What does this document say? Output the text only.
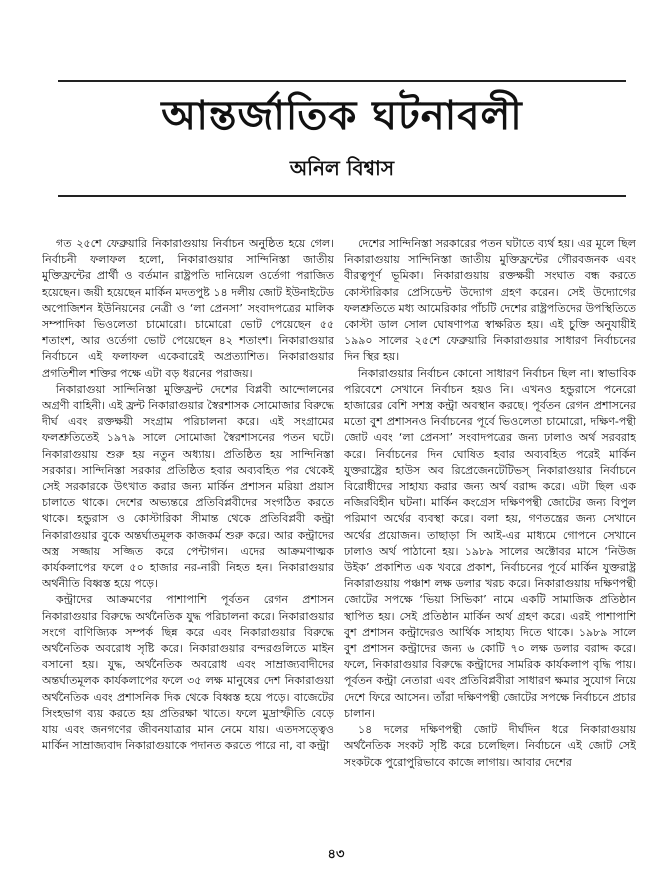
আন্তর্জাতিক ঘটনাবলী
অনিল বিশ্বাস

গত ২৫শে ফেব্রুয়ারি নিকারাগুয়ায় নির্বাচন অনুষ্ঠিত হয়ে গেল। নির্বাচনী ফলাফল হলো, নিকারাগুয়ার সান্দিনিস্তা জাতীয় মুক্তিফ্রন্টের প্রার্থী ও বর্তমান রাষ্ট্রপতি দানিয়েল ওর্তেগা পরাজিত হয়েছেন। জয়ী হয়েছেন মার্কিন মদতপুষ্ট ১৪ দলীয় জোট ইউনাইটেড অপোজিশন ইউনিয়নের নেত্রী ও ‘লা প্রেনসা’ সংবাদপত্রের মালিক সম্পাদিকা ভিওলেতা চামোরো। চামোরো ভোট পেয়েছেন ৫৫ শতাংশ, আর ওর্তেগা ভোট পেয়েছেন ৪২ শতাংশ। নিকারাগুয়ার নির্বাচনে এই ফলাফল একেবারেই অপ্রত্যাশিত। নিকারাগুয়ার প্রগতিশীল শক্তির পক্ষে এটা বড় ধরনের পরাজয়।

নিকারাগুয়া সান্দিনিস্তা মুক্তিফ্রন্ট দেশের বিপ্লবী আন্দোলনের অগ্রণী বাহিনী। এই ফ্রন্ট নিকারাগুয়ার স্বৈরশাসক সোমোজার বিরুদ্ধে দীর্ঘ এবং রক্তক্ষয়ী সংগ্রাম পরিচালনা করে। এই সংগ্রামের ফলশ্রুতিতেই ১৯৭৯ সালে সোমোজা স্বৈরশাসনের পতন ঘটে। নিকারাগুয়ায় শুরু হয় নতুন অধ্যায়। প্রতিষ্ঠিত হয় সান্দিনিস্তা সরকার। সান্দিনিস্তা সরকার প্রতিষ্ঠিত হবার অব্যবহিত পর থেকেই সেই সরকারকে উৎখাত করার জন্য মার্কিন প্রশাসন মরিয়া প্রয়াস চালাতে থাকে। দেশের অভ্যন্তরে প্রতিবিপ্লবীদের সংগঠিত করতে থাকে। হন্ডুরাস ও কোস্টারিকা সীমান্ত থেকে প্রতিবিপ্লবী কন্ট্রা নিকারাগুয়ার বুকে অন্তর্ঘাতমূলক কাজকর্ম শুরু করে। আর কন্ট্রাদের অস্ত্র সজ্জায় সজ্জিত করে পেন্টাগন। এদের আক্রমণাত্মক কার্যকলাপের ফলে ৫০ হাজার নর-নারী নিহত হন। নিকারাগুয়ার অর্থনীতি বিধ্বস্ত হয়ে পড়ে।

কন্ট্রাদের আক্রমণের পাশাপাশি পূর্বতন রেগন প্রশাসন নিকারাগুয়ার বিরুদ্ধে অর্থনৈতিক যুদ্ধ পরিচালনা করে। নিকারাগুয়ার সংগে বাণিজ্যিক সম্পর্ক ছিন্ন করে এবং নিকারাগুয়ার বিরুদ্ধে অর্থনৈতিক অবরোধ সৃষ্টি করে। নিকারাগুয়ার বন্দরগুলিতে মাইন বসানো হয়। যুদ্ধ, অর্থনৈতিক অবরোধ এবং সাম্রাজ্যবাদীদের অন্তর্ঘাতমূলক কার্যকলাপের ফলে ৩৫ লক্ষ মানুষের দেশ নিকারাগুয়া অর্থনৈতিক এবং প্রশাসনিক দিক থেকে বিধ্বস্ত হয়ে পড়ে। বাজেটের সিংহভাগ ব্যয় করতে হয় প্রতিরক্ষা খাতে। ফলে মুদ্রাস্ফীতি বেড়ে যায় এবং জনগণের জীবনযাত্রার মান নেমে যায়। এতদসত্ত্বেও মার্কিন সাম্রাজ্যবাদ নিকারাগুয়াকে পদানত করতে পারে না, বা কন্ট্রা

দেশের সান্দিনিস্তা সরকারের পতন ঘটাতে ব্যর্থ হয়। এর মূলে ছিল নিকারাগুয়ায় সান্দিনিস্তা জাতীয় মুক্তিফ্রন্টের গৌরবজনক এবং বীরত্বপূর্ণ ভূমিকা। নিকারাগুয়ায় রক্তক্ষয়ী সংঘাত বন্ধ করতে কোস্টারিকার প্রেসিডেন্ট উদ্যোগ গ্রহণ করেন। সেই উদ্যোগের ফলশ্রুতিতে মধ্য আমেরিকার পাঁচটি দেশের রাষ্ট্রপতিদের উপস্থিতিতে কোস্টা ডাল সোল ঘোষণাপত্র স্বাক্ষরিত হয়। এই চুক্তি অনুযায়ীই ১৯৯০ সালের ২৫শে ফেব্রুয়ারি নিকারাগুয়ার সাধারণ নির্বাচনের দিন স্থির হয়।

নিকারাগুয়ার নির্বাচন কোনো সাধারণ নির্বাচন ছিল না। স্বাভাবিক পরিবেশে সেখানে নির্বাচন হয়ও নি। এখনও হন্ডুরাসে পনেরো হাজারের বেশি সশস্ত্র কন্ট্রা অবস্থান করছে। পূর্বতন রেগন প্রশাসনের মতো বুশ প্রশাসনও নির্বাচনের পূর্বে ভিওলেতা চামোরো, দক্ষিণ-পন্থী জোট এবং ‘লা প্রেনসা’ সংবাদপত্রের জন্য ঢালাও অর্থ সরবরাহ করে। নির্বাচনের দিন ঘোষিত হবার অব্যবহিত পরেই মার্কিন যুক্তরাষ্ট্রের হাউস অব রিপ্রেজেনটেটিভস্ নিকারাগুয়ার নির্বাচনে বিরোধীদের সাহায্য করার জন্য অর্থ বরাদ্দ করে। এটা ছিল এক নজিরবিহীন ঘটনা। মার্কিন কংগ্রেস দক্ষিণপন্থী জোটের জন্য বিপুল পরিমাণ অর্থের ব্যবস্থা করে। বলা হয়, গণতন্ত্রের জন্য সেখানে অর্থের প্রয়োজন। তাছাড়া সি আই-এর মাধ্যমে গোপনে সেখানে ঢালাও অর্থ পাঠানো হয়। ১৯৮৯ সালের অক্টোবর মাসে ‘নিউজ উইক’ প্রকাশিত এক খবরে প্রকাশ, নির্বাচনের পূর্বে মার্কিন যুক্তরাষ্ট্র নিকারাগুয়ায় পঞ্চাশ লক্ষ ডলার খরচ করে। নিকারাগুয়ায় দক্ষিণপন্থী জোটের সপক্ষে ‘ভিয়া সিভিকা’ নামে একটি সামাজিক প্রতিষ্ঠান স্থাপিত হয়। সেই প্রতিষ্ঠান মার্কিন অর্থ গ্রহণ করে। এরই পাশাপাশি বুশ প্রশাসন কন্ট্রাদেরও আর্থিক সাহায্য দিতে থাকে। ১৯৮৯ সালে বুশ প্রশাসন কন্ট্রাদের জন্য ৬ কোটি ৭০ লক্ষ ডলার বরাদ্দ করে। ফলে, নিকারাগুয়ার বিরুদ্ধে কন্ট্রাদের সামরিক কার্যকলাপ বৃদ্ধি পায়। পূর্বতন কন্ট্রা নেতারা এবং প্রতিবিপ্লবীরা সাধারণ ক্ষমার সুযোগ নিয়ে দেশে ফিরে আসেন। তাঁরা দক্ষিণপন্থী জোটের সপক্ষে নির্বাচনে প্রচার চালান।

১৪ দলের দক্ষিণপন্থী জোট দীর্ঘদিন ধরে নিকারাগুয়ায় অর্থনৈতিক সংকট সৃষ্টি করে চলেছিল। নির্বাচনে এই জোট সেই সংকটকে পুরোপুরিভাবে কাজে লাগায়। আবার দেশের

৪৩
